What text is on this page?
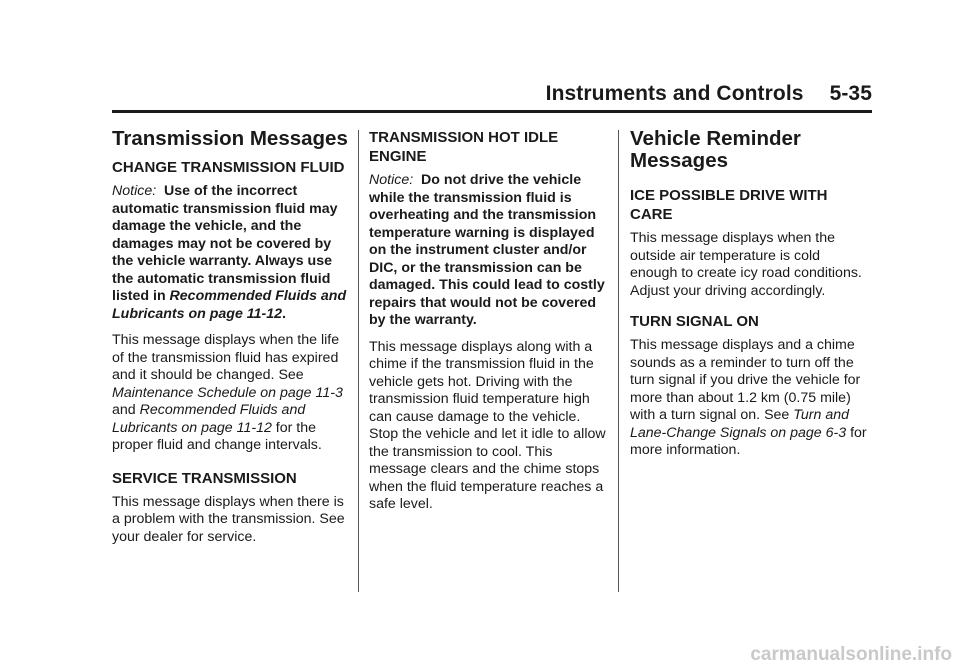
Instruments and Controls 5-35
Transmission Messages
CHANGE TRANSMISSION FLUID

Notice: Use of the incorrect automatic transmission fluid may damage the vehicle, and the damages may not be covered by the vehicle warranty. Always use the automatic transmission fluid listed in Recommended Fluids and Lubricants on page 11-12.

This message displays when the life of the transmission fluid has expired and it should be changed. See Maintenance Schedule on page 11-3 and Recommended Fluids and Lubricants on page 11-12 for the proper fluid and change intervals.

SERVICE TRANSMISSION

This message displays when there is a problem with the transmission. See your dealer for service.

TRANSMISSION HOT IDLE ENGINE

Notice: Do not drive the vehicle while the transmission fluid is overheating and the transmission temperature warning is displayed on the instrument cluster and/or DIC, or the transmission can be damaged. This could lead to costly repairs that would not be covered by the warranty.

This message displays along with a chime if the transmission fluid in the vehicle gets hot. Driving with the transmission fluid temperature high can cause damage to the vehicle. Stop the vehicle and let it idle to allow the transmission to cool. This message clears and the chime stops when the fluid temperature reaches a safe level.

Vehicle Reminder Messages
ICE POSSIBLE DRIVE WITH CARE

This message displays when the outside air temperature is cold enough to create icy road conditions. Adjust your driving accordingly.

TURN SIGNAL ON

This message displays and a chime sounds as a reminder to turn off the turn signal if you drive the vehicle for more than about 1.2 km (0.75 mile) with a turn signal on. See Turn and Lane-Change Signals on page 6-3 for more information.

carmanualsonline.info
